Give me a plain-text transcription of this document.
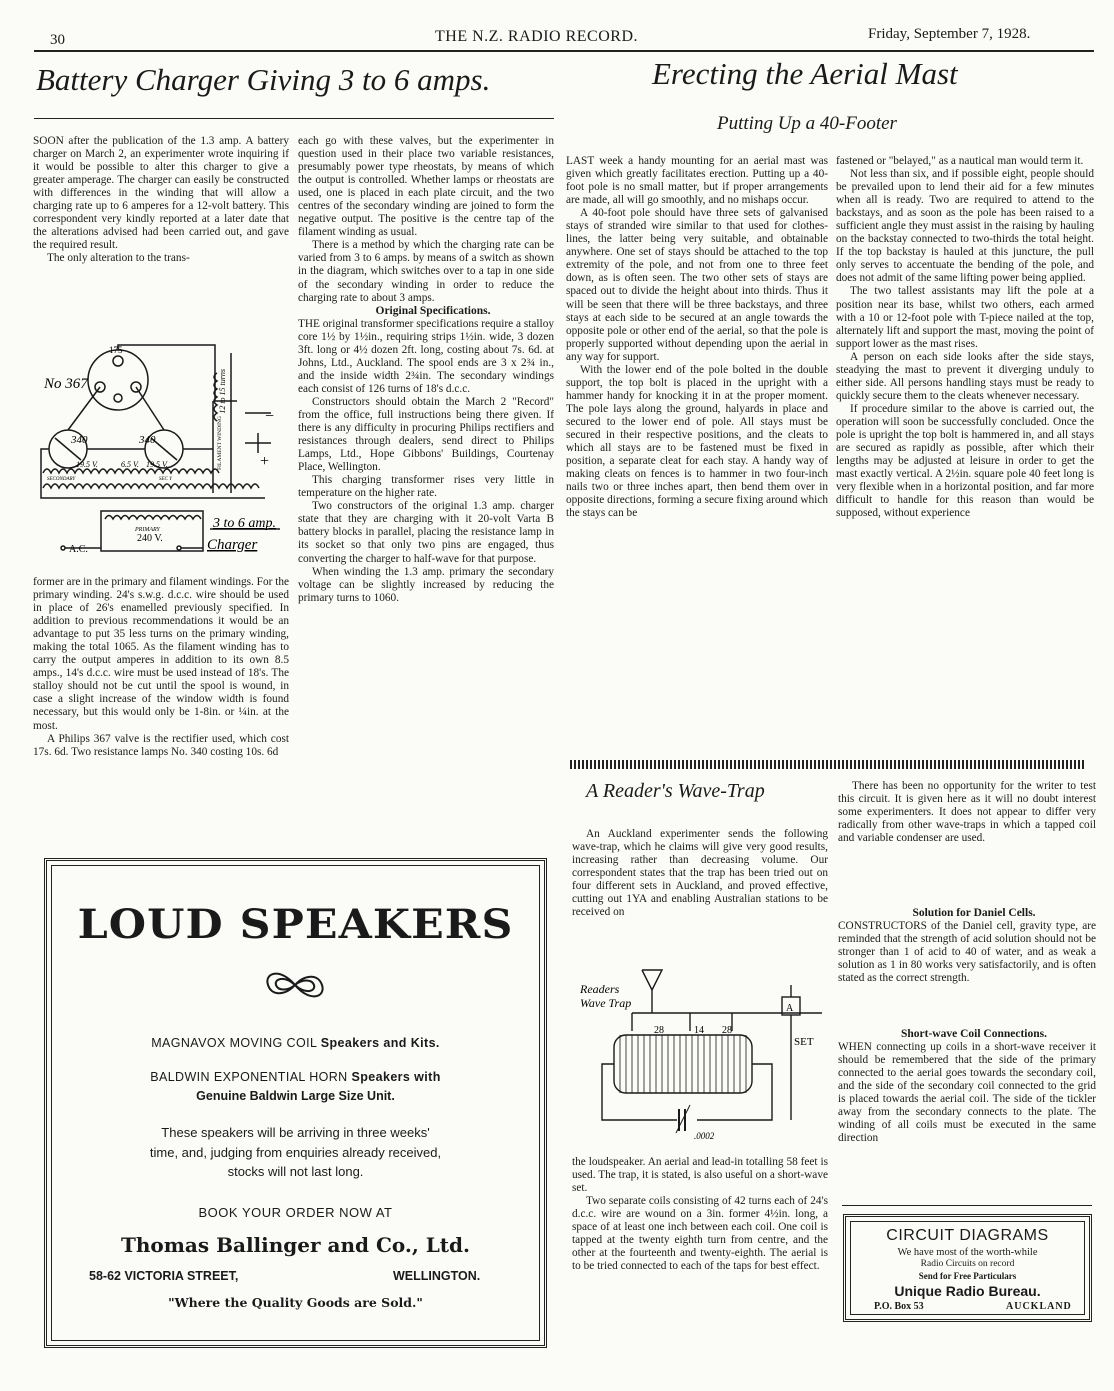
30	THE N.Z. RADIO RECORD.	Friday, September 7, 1928.
Battery Charger Giving 3 to 6 amps.	Erecting the Aerial Mast
Putting Up a 40-Footer

SOON after the publication of the 1.3 amp. A battery charger on March 2, an experimenter wrote inquiring if it would be possible to alter this charger to give a greater amperage. The charger can easily be constructed with differences in the winding that will allow a charging rate up to 6 amperes for a 12-volt battery. This correspondent very kindly reported at a later date that the alterations advised had been carried out, and gave the required result.

The only alteration to the trans-

No 367
175
340	340
19.5 V.	6.5 V. 19.5 V.
SECONDARY	SEC Y
12 to 15 turns
FILAMENT WINDING	−
+
PRIMARY
240 V.
A.C.
3 to 6 amp.
Charger

former are in the primary and filament windings. For the primary winding. 24's s.w.g. d.c.c. wire should be used in place of 26's enamelled previously specified. In addition to previous recommendations it would be an advantage to put 35 less turns on the primary winding, making the total 1065. As the filament winding has to carry the output amperes in addition to its own 8.5 amps., 14's d.c.c. wire must be used instead of 18's. The stalloy should not be cut until the spool is wound, in case a slight increase of the window width is found necessary, but this would only be 1-8in. or ¼in. at the most.

A Philips 367 valve is the rectifier used, which cost 17s. 6d. Two resistance lamps No. 340 costing 10s. 6d

each go with these valves, but the experimenter in question used in their place two variable resistances, presumably power type rheostats, by means of which the output is controlled. Whether lamps or rheostats are used, one is placed in each plate circuit, and the two centres of the secondary winding are joined to form the negative output. The positive is the centre tap of the filament winding as usual.

There is a method by which the charging rate can be varied from 3 to 6 amps. by means of a switch as shown in the diagram, which switches over to a tap in one side of the secondary winding in order to reduce the charging rate to about 3 amps.

Original Specifications.

THE original transformer specifications require a stalloy core 1½ by 1½in., requiring strips 1½in. wide, 3 dozen 3ft. long or 4½ dozen 2ft. long, costing about 7s. 6d. at Johns, Ltd., Auckland. The spool ends are 3 x 2¾ in., and the inside width 2¾in. The secondary windings each consist of 126 turns of 18's d.c.c.

Constructors should obtain the March 2 "Record" from the office, full instructions being there given. If there is any difficulty in procuring Philips rectifiers and resistances through dealers, send direct to Philips Lamps, Ltd., Hope Gibbons' Buildings, Courtenay Place, Wellington.

This charging transformer rises very little in temperature on the higher rate.

Two constructors of the original 1.3 amp. charger state that they are charging with it 20-volt Varta B battery blocks in parallel, placing the resistance lamp in its socket so that only two pins are engaged, thus converting the charger to half-wave for that purpose.

When winding the 1.3 amp. primary the secondary voltage can be slightly increased by reducing the primary turns to 1060.

LAST week a handy mounting for an aerial mast was given which greatly facilitates erection. Putting up a 40-foot pole is no small matter, but if proper arrangements are made, all will go smoothly, and no mishaps occur.

A 40-foot pole should have three sets of galvanised stays of stranded wire similar to that used for clothes-lines, the latter being very suitable, and obtainable anywhere. One set of stays should be attached to the top extremity of the pole, and not from one to three feet down, as is often seen. The two other sets of stays are spaced out to divide the height about into thirds. Thus it will be seen that there will be three backstays, and three stays at each side to be secured at an angle towards the opposite pole or other end of the aerial, so that the pole is properly supported without depending upon the aerial in any way for support.

With the lower end of the pole bolted in the double support, the top bolt is placed in the upright with a hammer handy for knocking it in at the proper moment. The pole lays along the ground, halyards in place and secured to the lower end of pole. All stays must be secured in their respective positions, and the cleats to which all stays are to be fastened must be fixed in position, a separate cleat for each stay. A handy way of making cleats on fences is to hammer in two four-inch nails two or three inches apart, then bend them over in opposite directions, forming a secure fixing around which the stays can be

fastened or "belayed," as a nautical man would term it.

Not less than six, and if possible eight, people should be prevailed upon to lend their aid for a few minutes when all is ready. Two are required to attend to the backstays, and as soon as the pole has been raised to a sufficient angle they must assist in the raising by hauling on the backstay connected to two-thirds the total height. If the top backstay is hauled at this juncture, the pull only serves to accentuate the bending of the pole, and does not admit of the same lifting power being applied.

The two tallest assistants may lift the pole at a position near its base, whilst two others, each armed with a 10 or 12-foot pole with T-piece nailed at the top, alternately lift and support the mast, moving the point of support lower as the mast rises.

A person on each side looks after the side stays, steadying the mast to prevent it diverging unduly to either side. All persons handling stays must be ready to quickly secure them to the cleats whenever necessary.

If procedure similar to the above is carried out, the operation will soon be successfully concluded. Once the pole is upright the top bolt is hammered in, and all stays are secured as rapidly as possible, after which their lengths may be adjusted at leisure in order to get the mast exactly vertical. A 2½in. square pole 40 feet long is very flexible when in a horizontal position, and far more difficult to handle for this reason than would be supposed, without experience

A Reader's Wave-Trap

An Auckland experimenter sends the following wave-trap, which he claims will give very good results, increasing rather than decreasing volume. Our correspondent states that the trap has been tried out on four different sets in Auckland, and proved effective, cutting out 1YA and enabling Australian stations to be received on

Readers
Wave Trap
28	14 28
SET
A
.0002

the loudspeaker. An aerial and lead-in totalling 58 feet is used. The trap, it is stated, is also useful on a short-wave set.

Two separate coils consisting of 42 turns each of 24's d.c.c. wire are wound on a 3in. former 4½in. long, a space of at least one inch between each coil. One coil is tapped at the twenty eighth turn from centre, and the other at the fourteenth and twenty-eighth. The aerial is to be tried connected to each of the taps for best effect.

There has been no opportunity for the writer to test this circuit. It is given here as it will no doubt interest some experimenters. It does not appear to differ very radically from other wave-traps in which a tapped coil and variable condenser are used.

Solution for Daniel Cells.

CONSTRUCTORS of the Daniel cell, gravity type, are reminded that the strength of acid solution should not be stronger than 1 of acid to 40 of water, and as weak a solution as 1 in 80 works very satisfactorily, and is often stated as the correct strength.

Short-wave Coil Connections.

WHEN connecting up coils in a short-wave receiver it should be remembered that the side of the primary connected to the aerial goes towards the secondary coil, and the side of the secondary coil connected to the grid is placed towards the aerial coil. The side of the tickler away from the secondary connects to the plate. The winding of all coils must be executed in the same direction

LOUD SPEAKERS
MAGNAVOX MOVING COIL Speakers and Kits.
BALDWIN EXPONENTIAL HORN Speakers with
Genuine Baldwin Large Size Unit.
These speakers will be arriving in three weeks'
time, and, judging from enquiries already received,
stocks will not last long.
BOOK YOUR ORDER NOW AT
Thomas Ballinger and Co., Ltd.
58-62 VICTORIA STREET,	WELLINGTON.
"Where the Quality Goods are Sold."
CIRCUIT DIAGRAMS
We have most of the worth-while
Radio Circuits on record
Send for Free Particulars
Unique Radio Bureau.
P.O. Box 53	AUCKLAND
